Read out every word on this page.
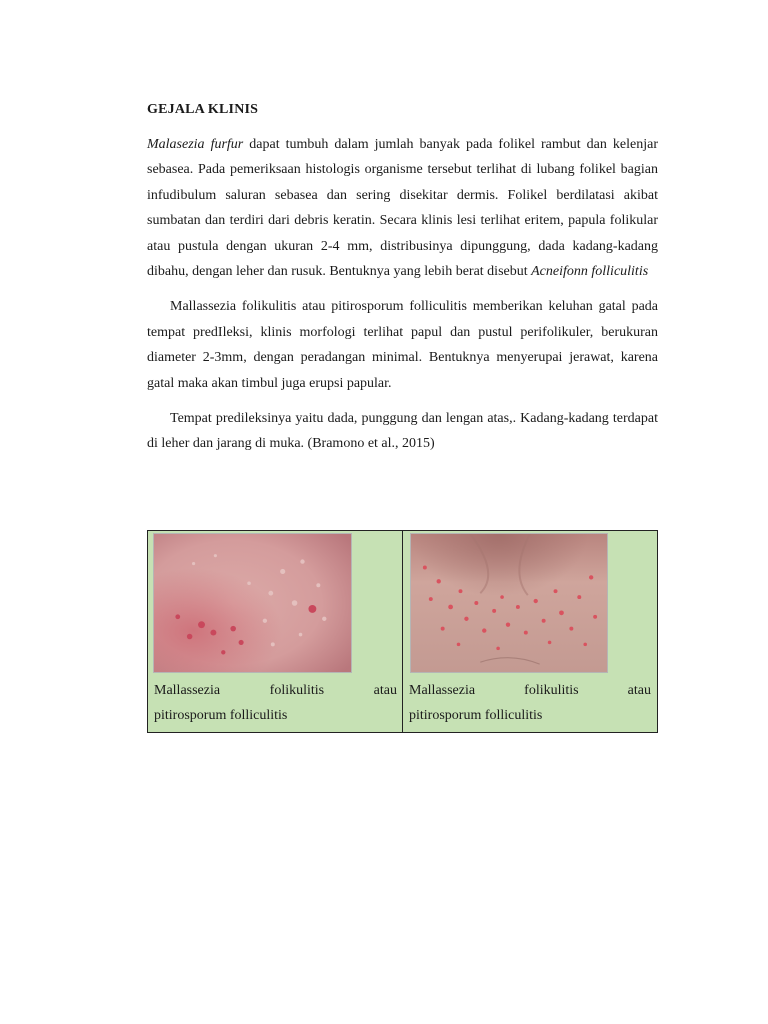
GEJALA KLINIS

Malasezia furfur dapat tumbuh dalam jumlah banyak pada folikel rambut dan kelenjar sebasea. Pada pemeriksaan histologis organisme tersebut terlihat di lubang folikel bagian infudibulum saluran sebasea dan sering disekitar dermis. Folikel berdilatasi akibat sumbatan dan terdiri dari debris keratin. Secara klinis lesi terlihat eritem, papula folikular atau pustula dengan ukuran 2-4 mm, distribusinya dipunggung, dada kadang-kadang dibahu, dengan leher dan rusuk. Bentuknya yang lebih berat disebut Acneifonn folliculitis

Mallassezia folikulitis atau pitirosporum folliculitis memberikan keluhan gatal pada tempat predIleksi, klinis morfologi terlihat papul dan pustul perifolikuler, berukuran diameter 2-3mm, dengan peradangan minimal. Bentuknya menyerupai jerawat, karena gatal maka akan timbul juga erupsi papular.

Tempat predileksinya yaitu dada, punggung dan lengan atas,. Kadang-kadang terdapat di leher dan jarang di muka. (Bramono et al., 2015)

Mallassezia	folikulitis	atau
pitirosporum folliculitis
Mallassezia	folikulitis	atau
pitirosporum folliculitis
